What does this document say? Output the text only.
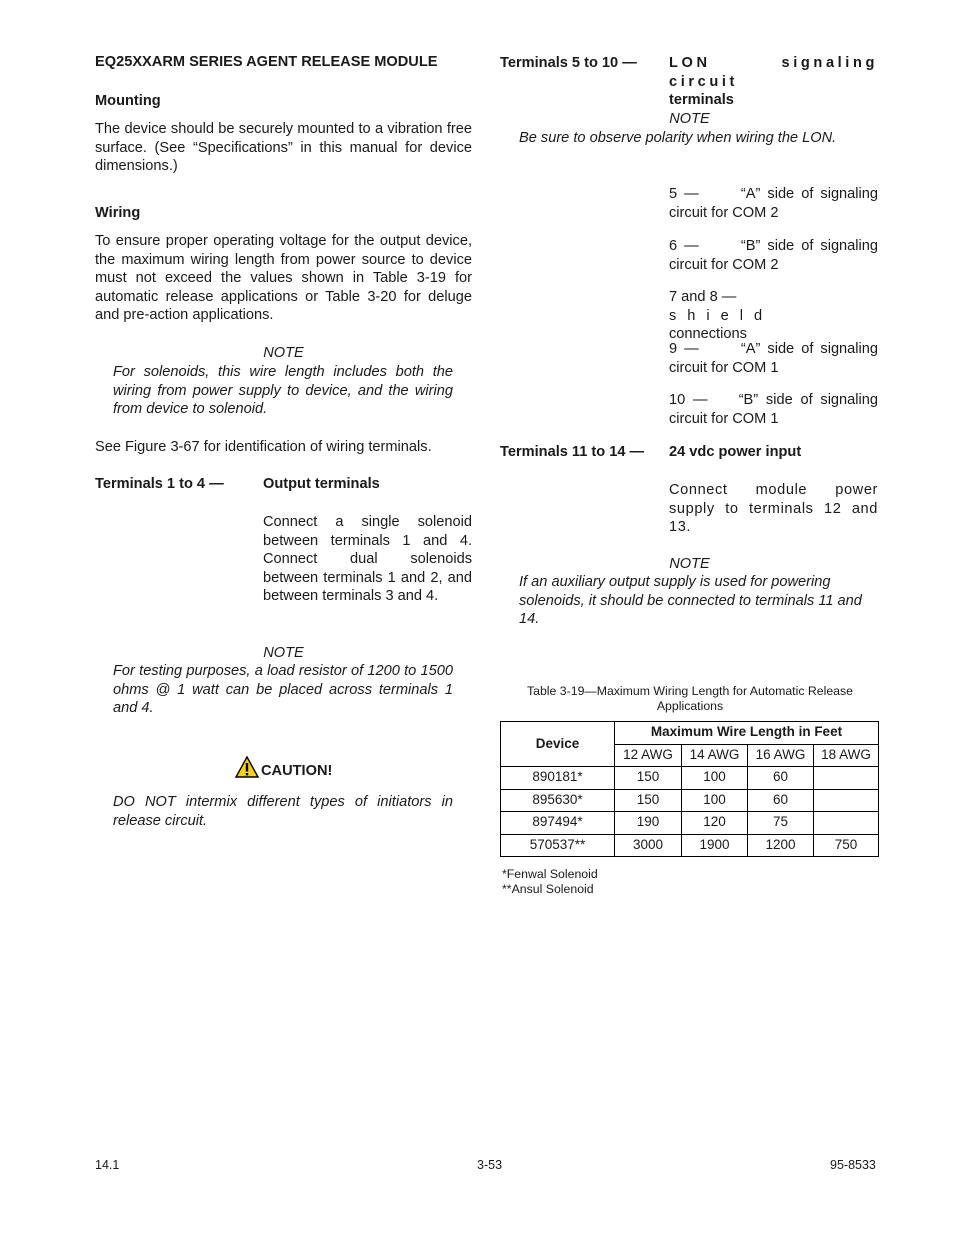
EQ25XXARM SERIES AGENT RELEASE MODULE
Mounting
The device should be securely mounted to a vibration free surface. (See “Specifications” in this manual for device dimensions.)
Wiring
To ensure proper operating voltage for the output device, the maximum wiring length from power source to device must not exceed the values shown in Table 3-19 for automatic release applications or Table 3-20 for deluge and pre-action applications.
NOTE
For solenoids, this wire length includes both the wiring from power supply to device, and the wiring from device to solenoid.
See Figure 3-67 for identification of wiring terminals.
Terminals 1 to 4 —	Output terminals
Connect a single solenoid between terminals 1 and 4. Connect dual solenoids between terminals 1 and 2, and between terminals 3 and 4.
NOTE
For testing purposes, a load resistor of 1200 to 1500 ohms @ 1 watt can be placed across terminals 1 and 4.
CAUTION!
DO NOT intermix different types of initiators in release circuit.
Terminals 5 to 10 — LON signaling circuit
terminals
NOTE
Be sure to observe polarity when wiring the LON.
5 —	“A” side of signaling circuit for COM 2
6 —	“B” side of signaling circuit for COM 2
7 and 8 —shield
connections
9 —	“A” side of signaling circuit for COM 1
10 — “B” side of signaling circuit for COM 1
Terminals 11 to 14 — 24 vdc power input
Connect module power supply to terminals 12 and 13.
NOTE
If an auxiliary output supply is used for powering solenoids, it should be connected to terminals 11 and 14.
Table 3-19—Maximum Wiring Length for Automatic Release Applications
Device	Maximum Wire Length in Feet			
	12 AWG	14 AWG	16 AWG	18 AWG
890181*	150	100	60	
895630*	150	100	60	
897494*	190	120	75	
570537**	3000	1900	1200	750
*Fenwal Solenoid
**Ansul Solenoid
14.1	3-53	95-8533
